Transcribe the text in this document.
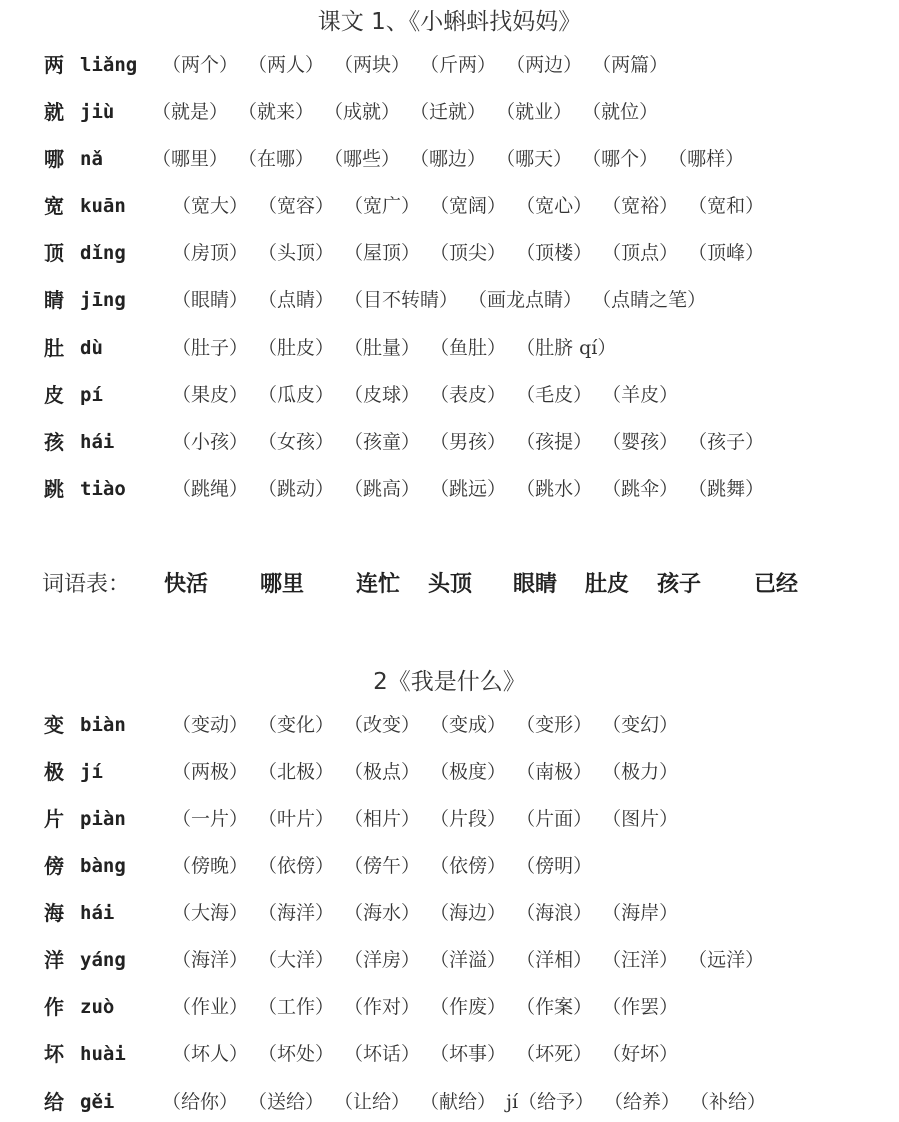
课文 1、《小蝌蚪找妈妈》
两 liǎng （两个） （两人） （两块） （斤两） （两边） （两篇）
就 jiù （就是） （就来） （成就） （迁就） （就业） （就位）
哪 nǎ	（哪里） （在哪） （哪些） （哪边） （哪天） （哪个） （哪样）
宽 kuān （宽大） （宽容） （宽广） （宽阔） （宽心） （宽裕） （宽和）
顶 dǐng （房顶） （头顶） （屋顶） （顶尖） （顶楼） （顶点） （顶峰）
睛 jīng （眼睛） （点睛） （目不转睛） （画龙点睛） （点睛之笔）
肚 dù	（肚子） （肚皮） （肚量） （鱼肚） （肚脐 qí）
皮 pí	（果皮） （瓜皮） （皮球） （表皮） （毛皮） （羊皮）
孩 hái	（小孩） （女孩） （孩童） （男孩） （孩提） （婴孩） （孩子）
跳 tiào （跳绳） （跳动） （跳高） （跳远） （跳水） （跳伞） （跳舞）
词语表： 快活 哪里 连忙 头顶 眼睛 肚皮 孩子 已经
2《我是什么》
变 biàn （变动） （变化） （改变） （变成） （变形） （变幻）
极 jí	（两极） （北极） （极点） （极度） （南极） （极力）
片 piàn （一片） （叶片） （相片） （片段） （片面） （图片）
傍 bàng （傍晚） （依傍） （傍午） （依傍） （傍明）
海 hái	（大海） （海洋） （海水） （海边） （海浪） （海岸）
洋 yáng （海洋） （大洋） （洋房） （洋溢） （洋相） （汪洋） （远洋）
作 zuò	（作业） （工作） （作对） （作废） （作案） （作罢）
坏 huài （坏人） （坏处） （坏话） （坏事） （坏死） （好坏）
给 gěi	（给你） （送给） （让给） （献给） jí（给予） （给养） （补给）
